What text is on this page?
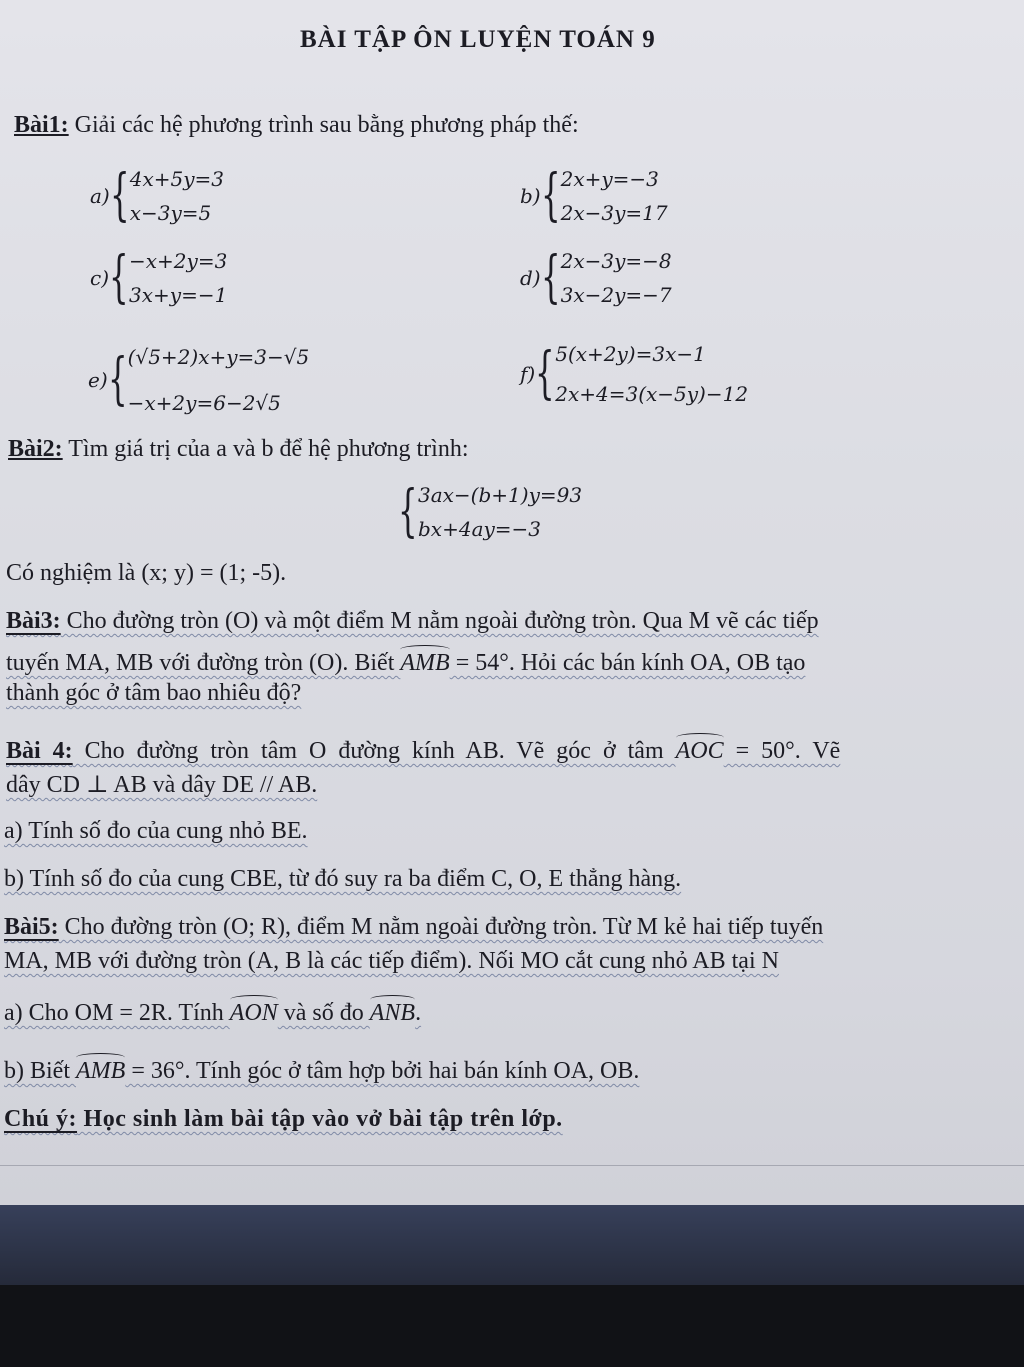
BÀI TẬP ÔN LUYỆN TOÁN 9
Bài1: Giải các hệ phương trình sau bằng phương pháp thế:
a) { 4x+5y=3
x−3y=5
b) { 2x+y=−3
2x−3y=17
c) { −x+2y=3
3x+y=−1
d) { 2x−3y=−8
3x−2y=−7
e) { (√5+2)x+y=3−√5
−x+2y=6−2√5
f) { 5(x+2y)=3x−1
2x+4=3(x−5y)−12
Bài2: Tìm giá trị của a và b để hệ phương trình:
{ 3ax−(b+1)y=93
bx+4ay=−3
Có nghiệm là (x; y) = (1; -5).
Bài3: Cho đường tròn (O) và một điểm M nằm ngoài đường tròn. Qua M vẽ các tiếp
tuyến MA, MB với đường tròn (O). Biết AMB = 54°. Hỏi các bán kính OA, OB tạo
thành góc ở tâm bao nhiêu độ?
Bài 4: Cho đường tròn tâm O đường kính AB. Vẽ góc ở tâm AOC = 50°. Vẽ
dây CD ⊥ AB và dây DE // AB.
a) Tính số đo của cung nhỏ BE.
b) Tính số đo của cung CBE, từ đó suy ra ba điểm C, O, E thẳng hàng.
Bài5: Cho đường tròn (O; R), điểm M nằm ngoài đường tròn. Từ M kẻ hai tiếp tuyến
MA, MB với đường tròn (A, B là các tiếp điểm). Nối MO cắt cung nhỏ AB tại N
a) Cho OM = 2R. Tính AON và số đo ANB.
b) Biết AMB = 36°. Tính góc ở tâm hợp bởi hai bán kính OA, OB.
Chú ý: Học sinh làm bài tập vào vở bài tập trên lớp.
